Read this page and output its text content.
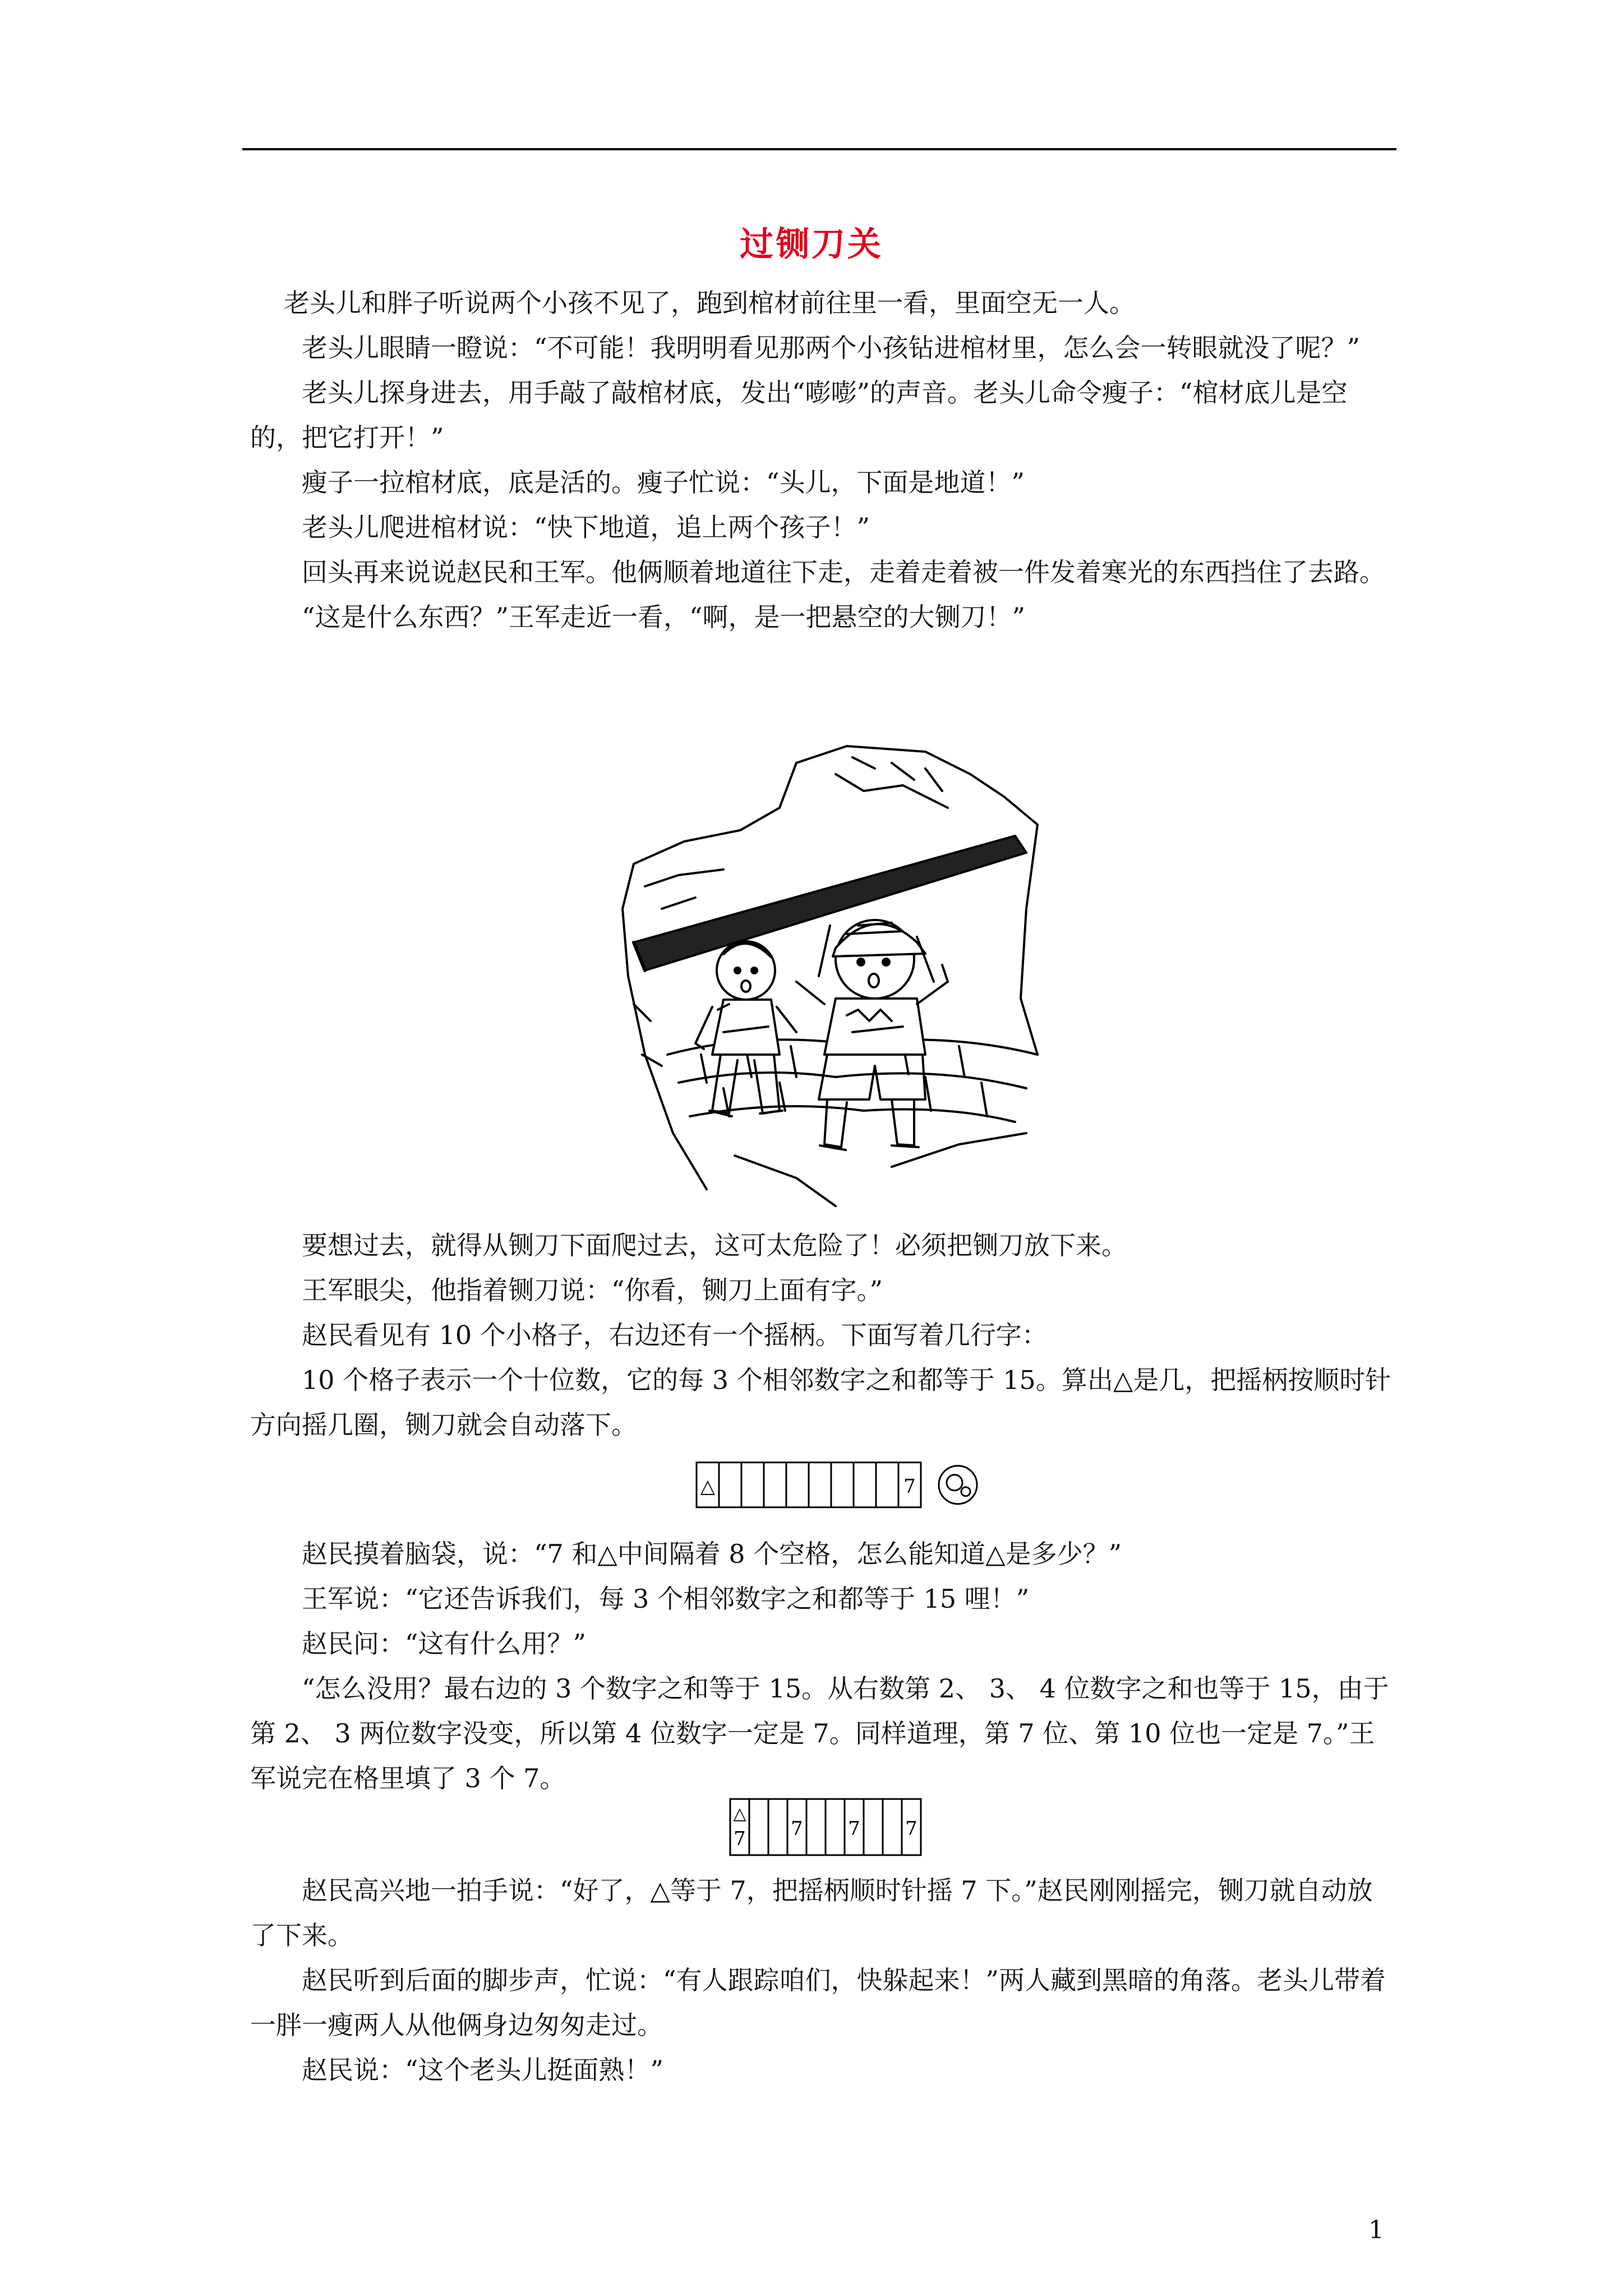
过铡刀关

老头儿和胖子听说两个小孩不见了，跑到棺材前往里一看，里面空无一人。

老头儿眼睛一瞪说：“不可能！我明明看见那两个小孩钻进棺材里，怎么会一转眼就没了呢？”

老头儿探身进去，用手敲了敲棺材底，发出“嘭嘭”的声音。老头儿命令瘦子：“棺材底儿是空的，把它打开！”

瘦子一拉棺材底，底是活的。瘦子忙说：“头儿，下面是地道！”

老头儿爬进棺材说：“快下地道，追上两个孩子！”

回头再来说说赵民和王军。他俩顺着地道往下走，走着走着被一件发着寒光的东西挡住了去路。

“这是什么东西？”王军走近一看，“啊，是一把悬空的大铡刀！”

要想过去，就得从铡刀下面爬过去，这可太危险了！必须把铡刀放下来。

王军眼尖，他指着铡刀说：“你看，铡刀上面有字。”

赵民看见有 10 个小格子，右边还有一个摇柄。下面写着几行字：

10 个格子表示一个十位数，它的每 3 个相邻数字之和都等于 15。算出△是几，把摇柄按顺时针方向摇几圈，铡刀就会自动落下。

△	7

赵民摸着脑袋，说：“7 和△中间隔着 8 个空格，怎么能知道△是多少？”

王军说：“它还告诉我们，每 3 个相邻数字之和都等于 15 哩！”

赵民问：“这有什么用？”

“怎么没用？最右边的 3 个数字之和等于 15。从右数第 2、 3、 4 位数字之和也等于 15，由于第 2、 3 两位数字没变，所以第 4 位数字一定是 7。同样道理，第 7 位、第 10 位也一定是 7。”王军说完在格里填了 3 个 7。

△
7 7 7 7

赵民高兴地一拍手说：“好了，△等于 7，把摇柄顺时针摇 7 下。”赵民刚刚摇完，铡刀就自动放了下来。

赵民听到后面的脚步声，忙说：“有人跟踪咱们，快躲起来！”两人藏到黑暗的角落。老头儿带着一胖一瘦两人从他俩身边匆匆走过。

赵民说：“这个老头儿挺面熟！”

1
